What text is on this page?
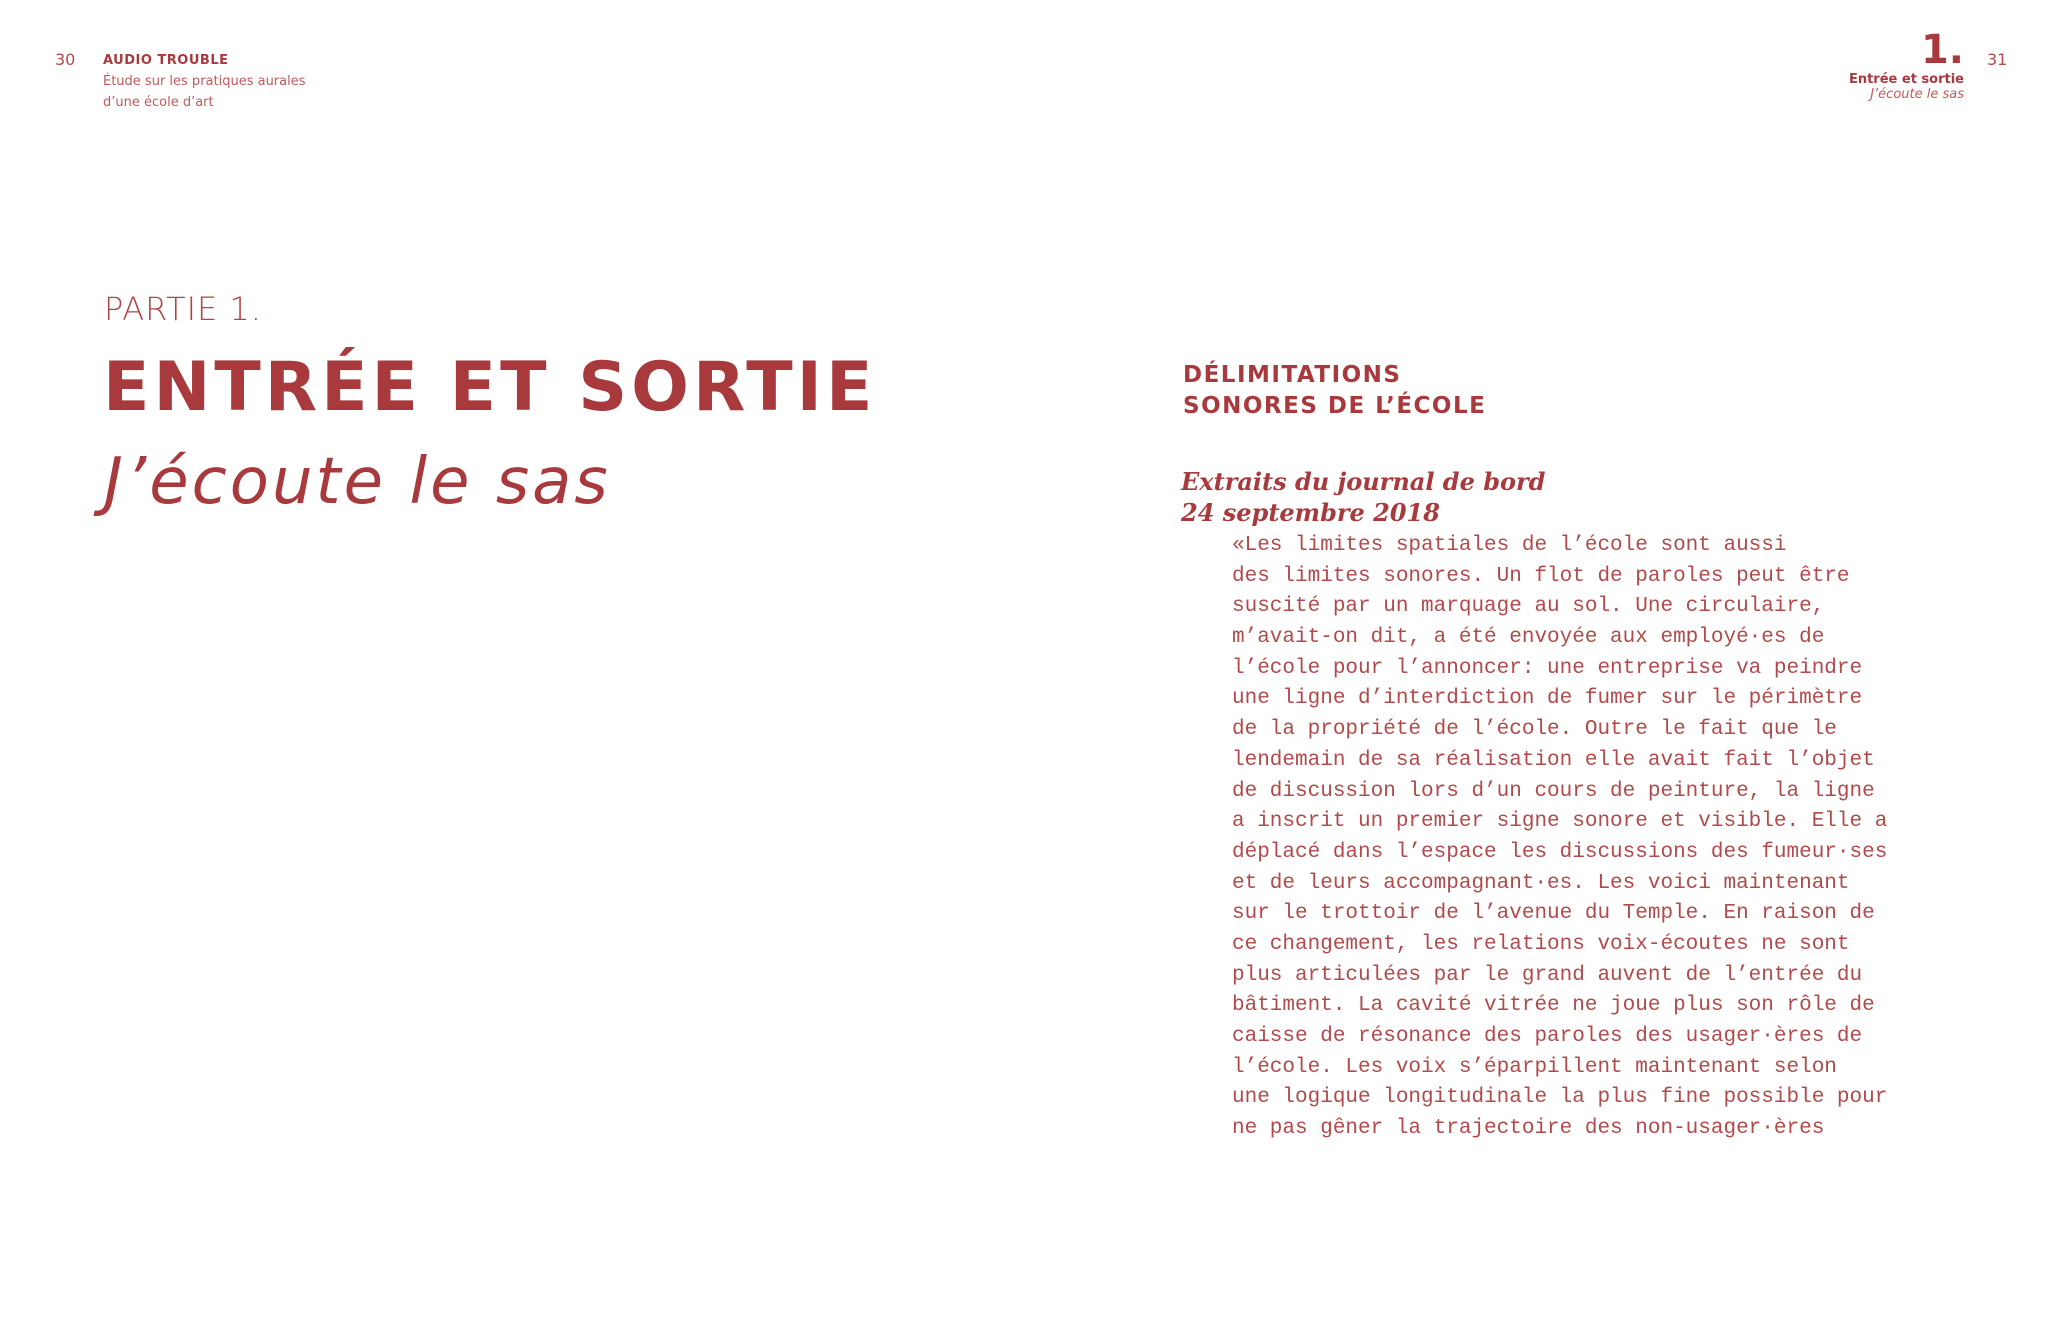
30 AUDIO TROUBLE
Étude sur les pratiques aurales
d’une école d’art
PARTIE 1.
ENTRÉE ET SORTIE
J’écoute le sas
1.
Entrée et sortie
J’écoute le sas
31
DÉLIMITATIONS
SONORES DE L’ÉCOLE
Extraits du journal de bord
24 septembre 2018
«Les limites spatiales de l’école sont aussi
des limites sonores. Un flot de paroles peut être
suscité par un marquage au sol. Une circulaire,
m’avait-on dit, a été envoyée aux employé·es de
l’école pour l’annoncer: une entreprise va peindre
une ligne d’interdiction de fumer sur le périmètre
de la propriété de l’école. Outre le fait que le
lendemain de sa réalisation elle avait fait l’objet
de discussion lors d’un cours de peinture, la ligne
a inscrit un premier signe sonore et visible. Elle a
déplacé dans l’espace les discussions des fumeur·ses
et de leurs accompagnant·es. Les voici maintenant
sur le trottoir de l’avenue du Temple. En raison de
ce changement, les relations voix-écoutes ne sont
plus articulées par le grand auvent de l’entrée du
bâtiment. La cavité vitrée ne joue plus son rôle de
caisse de résonance des paroles des usager·ères de
l’école. Les voix s’éparpillent maintenant selon
une logique longitudinale la plus fine possible pour
ne pas gêner la trajectoire des non-usager·ères
